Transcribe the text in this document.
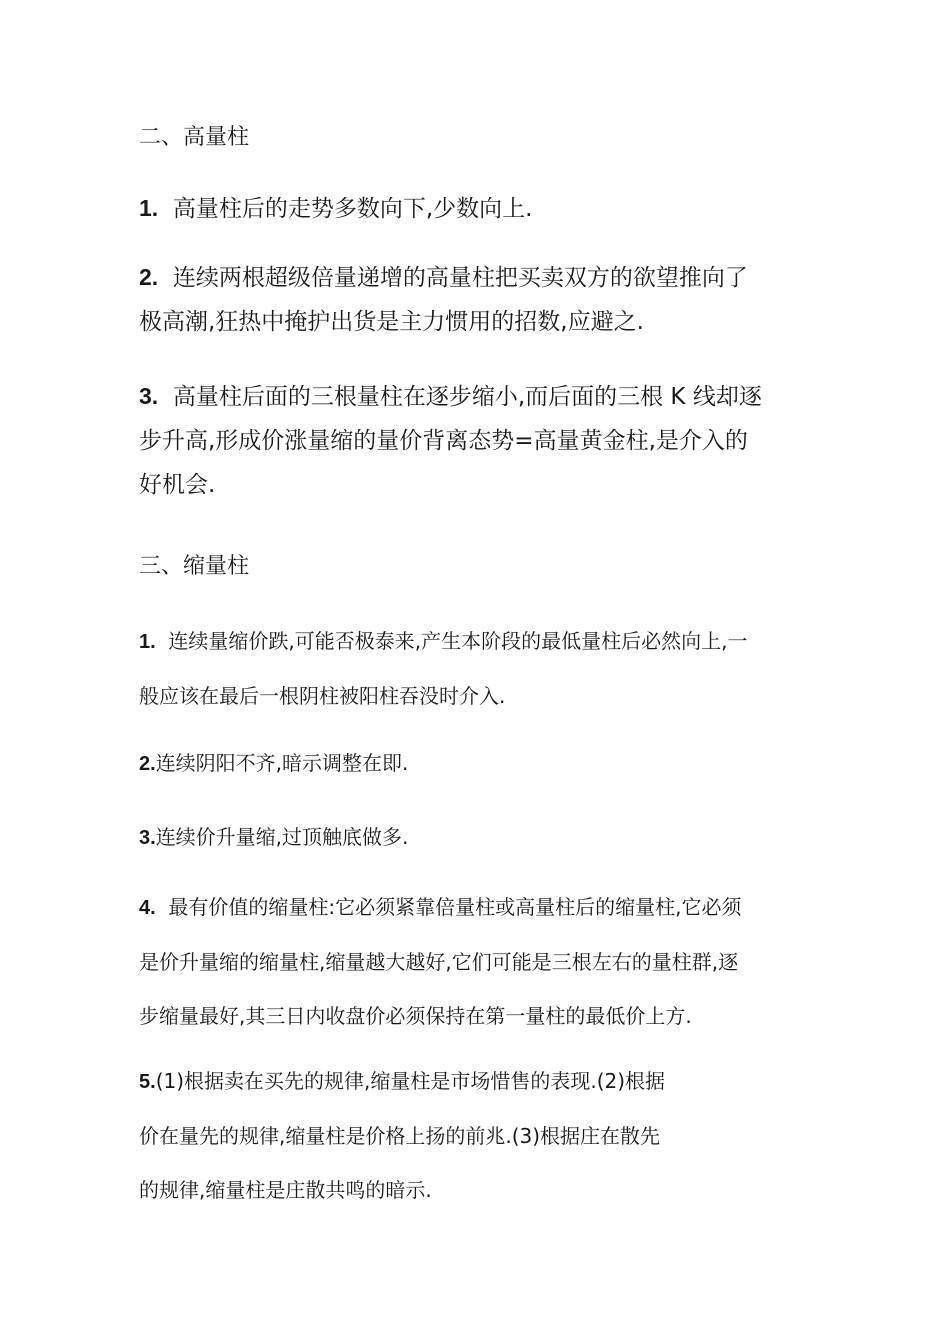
二、高量柱
1. 高量柱后的走势多数向下,少数向上.
2. 连续两根超级倍量递增的高量柱把买卖双方的欲望推向了
极高潮,狂热中掩护出货是主力惯用的招数,应避之.
3. 高量柱后面的三根量柱在逐步缩小,而后面的三根 K 线却逐
步升高,形成价涨量缩的量价背离态势=高量黄金柱,是介入的
好机会.
三、缩量柱
1. 连续量缩价跌,可能否极泰来,产生本阶段的最低量柱后必然向上,一
般应该在最后一根阴柱被阳柱吞没时介入.
2.连续阴阳不齐,暗示调整在即.
3.连续价升量缩,过顶触底做多.
4. 最有价值的缩量柱:它必须紧靠倍量柱或高量柱后的缩量柱,它必须
是价升量缩的缩量柱,缩量越大越好,它们可能是三根左右的量柱群,逐
步缩量最好,其三日内收盘价必须保持在第一量柱的最低价上方.
5.(1)根据卖在买先的规律,缩量柱是市场惜售的表现.(2)根据
价在量先的规律,缩量柱是价格上扬的前兆.(3)根据庄在散先
的规律,缩量柱是庄散共鸣的暗示.
